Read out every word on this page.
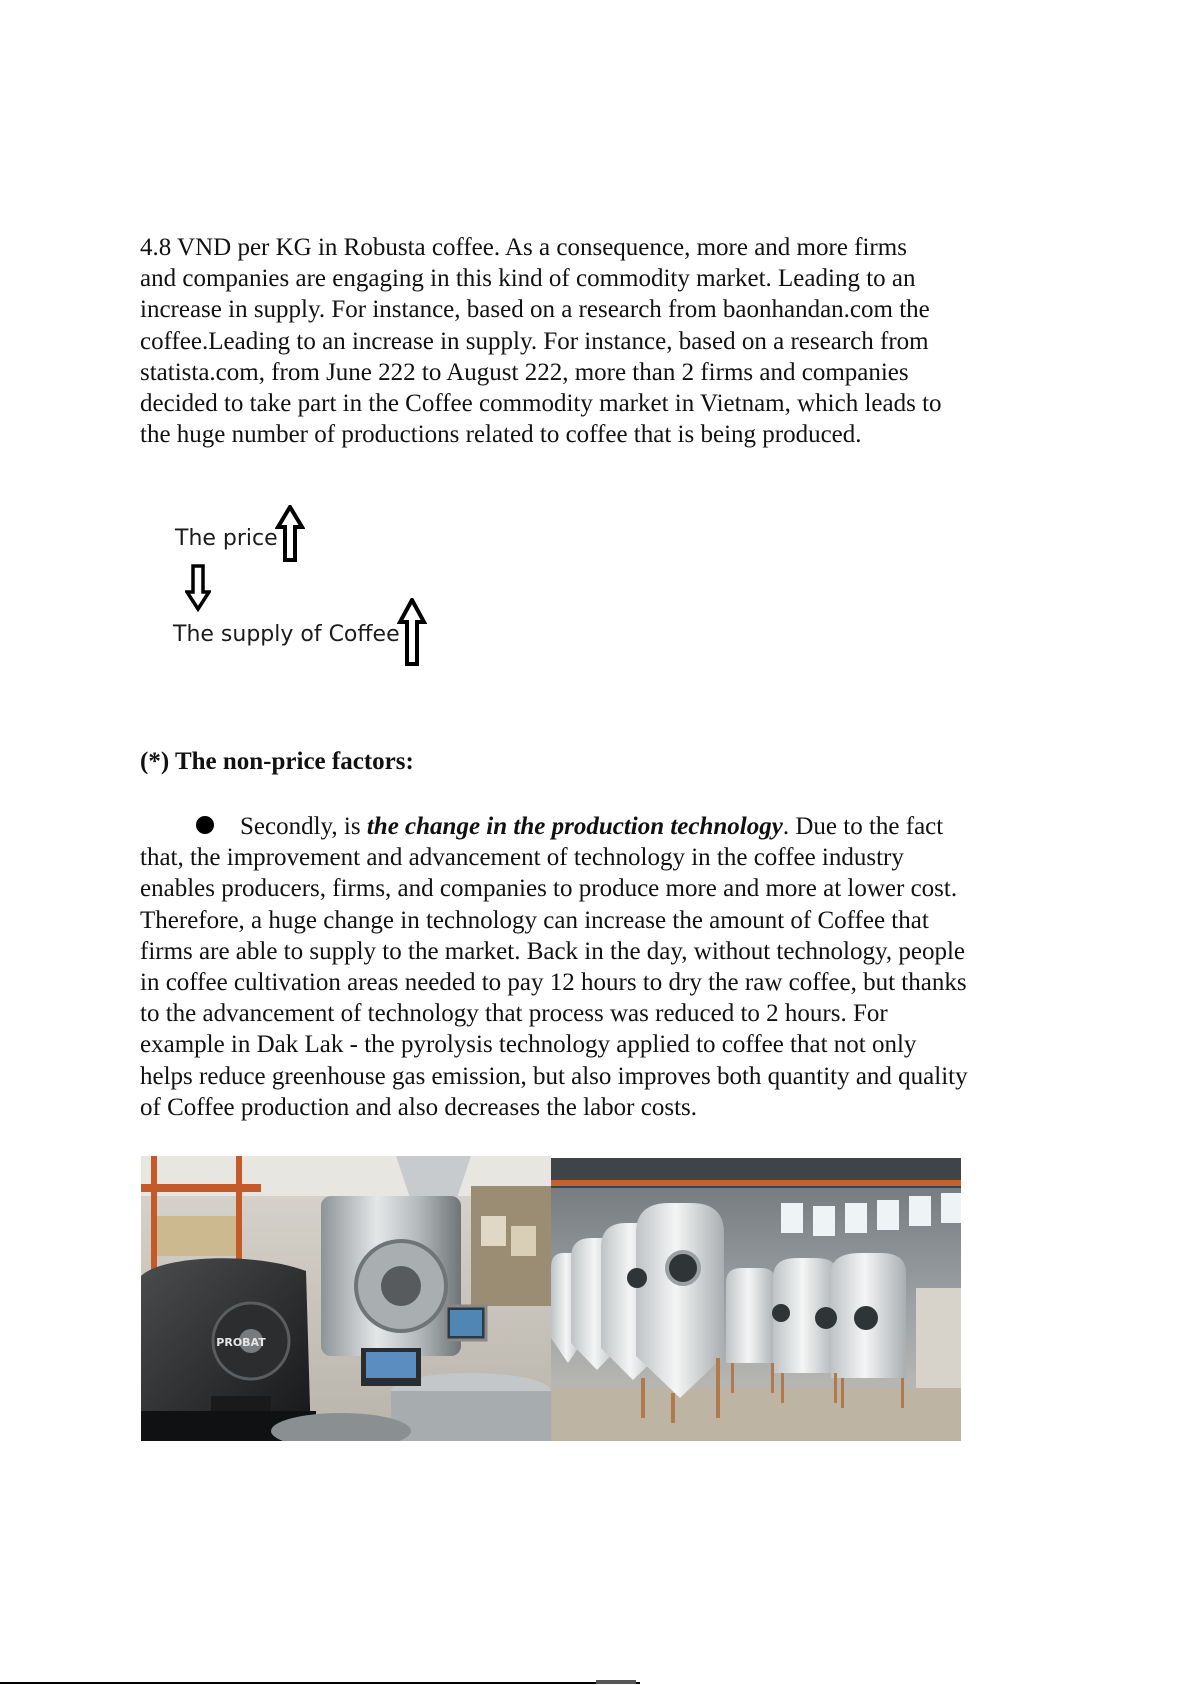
4.8 VND per KG in Robusta coffee. As a consequence, more and more firms
and companies are engaging in this kind of commodity market. Leading to an
increase in supply. For instance, based on a research from baonhandan.com the
coffee.Leading to an increase in supply. For instance, based on a research from
statista.com, from June 222 to August 222, more than 2 firms and companies
decided to take part in the Coffee commodity market in Vietnam, which leads to
the huge number of productions related to coffee that is being produced.

The price
The supply of Coffee
(*) The non-price factors:

Secondly, is the change in the production technology. Due to the fact
that, the improvement and advancement of technology in the coffee industry
enables producers, firms, and companies to produce more and more at lower cost.
Therefore, a huge change in technology can increase the amount of Coffee that
firms are able to supply to the market. Back in the day, without technology, people
in coffee cultivation areas needed to pay 12 hours to dry the raw coffee, but thanks
to the advancement of technology that process was reduced to 2 hours. For
example in Dak Lak - the pyrolysis technology applied to coffee that not only
helps reduce greenhouse gas emission, but also improves both quantity and quality
of Coffee production and also decreases the labor costs.

PROBAT
